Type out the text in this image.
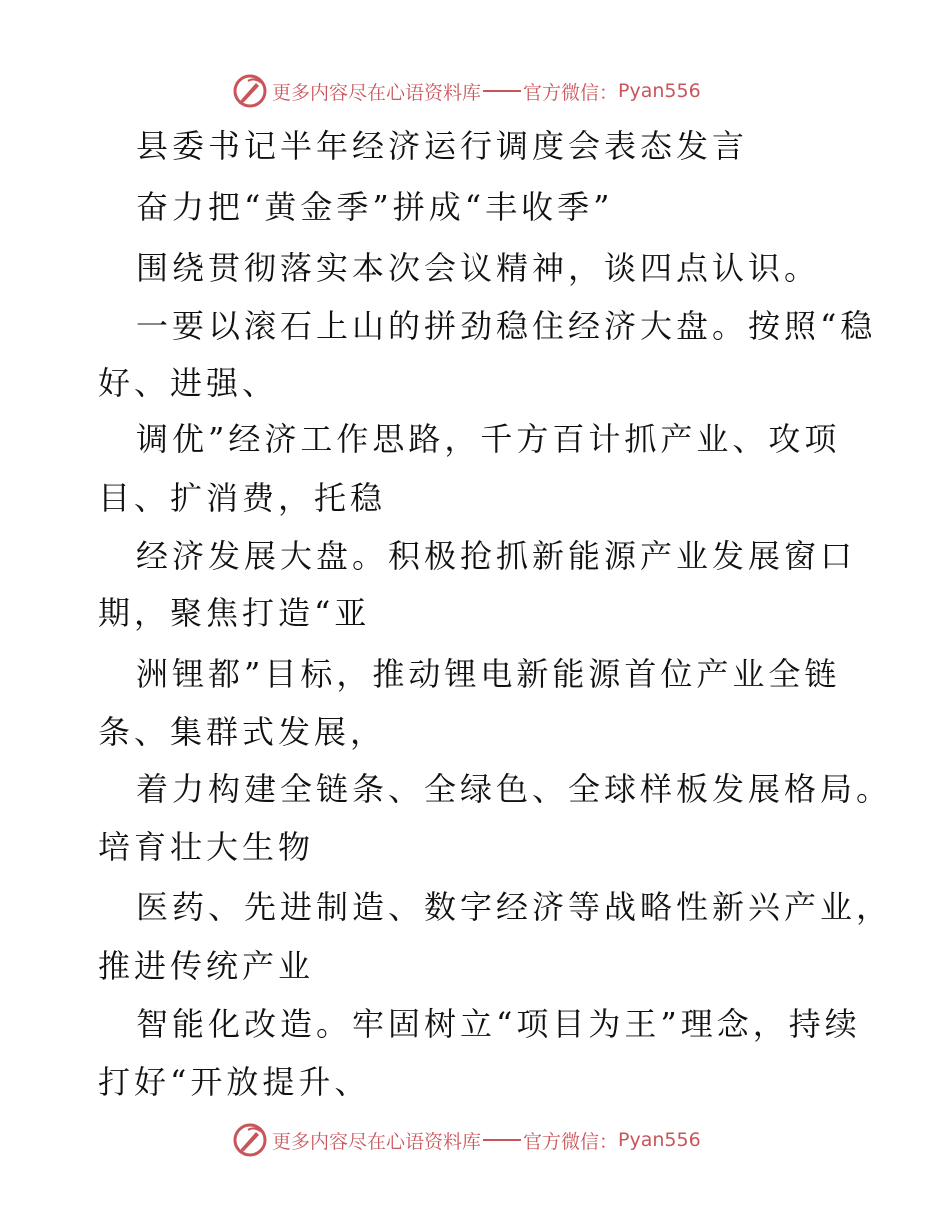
更多内容尽在心语资料库 官方微信： Pyan556
县委书记半年经济运行调度会表态发言
奋力把“黄金季”拼成“丰收季”
围绕贯彻落实本次会议精神，谈四点认识。
一要以滚石上山的拼劲稳住经济大盘。按照“稳
好、进强、
调优”经济工作思路，千方百计抓产业、攻项
目、扩消费，托稳
经济发展大盘。积极抢抓新能源产业发展窗口
期，聚焦打造“亚
洲锂都”目标，推动锂电新能源首位产业全链
条、集群式发展，
着力构建全链条、全绿色、全球样板发展格局。
培育壮大生物
医药、先进制造、数字经济等战略性新兴产业，
推进传统产业
智能化改造。牢固树立“项目为王”理念，持续
打好“开放提升、
更多内容尽在心语资料库 官方微信： Pyan556
